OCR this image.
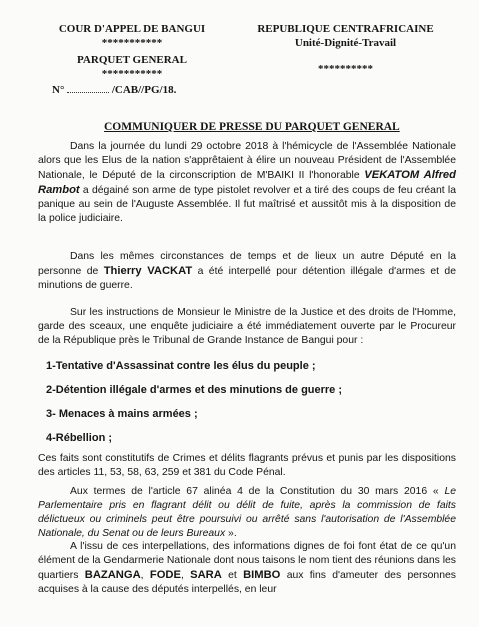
COUR D'APPEL DE BANGUI
***********
PARQUET GENERAL
***********
N°	/CAB//PG/18.
REPUBLIQUE CENTRAFRICAINE
Unité-Dignité-Travail
**********
COMMUNIQUER DE PRESSE DU PARQUET GENERAL

Dans la journée du lundi 29 octobre 2018 à l'hémicycle de l'Assemblée Nationale alors que les Elus de la nation s'apprêtaient à élire un nouveau Président de l'Assemblée Nationale, le Député de la circonscription de M'BAIKI II l'honorable VEKATOM Alfred Rambot a dégainé son arme de type pistolet revolver et a tiré des coups de feu créant la panique au sein de l'Auguste Assemblée. Il fut maîtrisé et aussitôt mis à la disposition de la police judiciaire.

Dans les mêmes circonstances de temps et de lieux un autre Député en la personne de Thierry VACKAT a été interpellé pour détention illégale d'armes et de minutions de guerre.

Sur les instructions de Monsieur le Ministre de la Justice et des droits de l'Homme, garde des sceaux, une enquête judiciaire a été immédiatement ouverte par le Procureur de la République près le Tribunal de Grande Instance de Bangui pour :

1-Tentative d'Assassinat contre les élus du peuple ;
2-Détention illégale d'armes et des minutions de guerre ;
3- Menaces à mains armées ;
4-Rébellion ;

Ces faits sont constitutifs de Crimes et délits flagrants prévus et punis par les dispositions des articles 11, 53, 58, 63, 259 et 381 du Code Pénal.

Aux termes de l'article 67 alinéa 4 de la Constitution du 30 mars 2016 « Le Parlementaire pris en flagrant délit ou délit de fuite, après la commission de faits délictueux ou criminels peut être poursuivi ou arrêté sans l'autorisation de l'Assemblée Nationale, du Senat ou de leurs Bureaux ».

A l'issu de ces interpellations, des informations dignes de foi font état de ce qu'un élément de la Gendarmerie Nationale dont nous taisons le nom tient des réunions dans les quartiers BAZANGA, FODE, SARA et BIMBO aux fins d'ameuter des personnes acquises à la cause des députés interpellés, en leur
